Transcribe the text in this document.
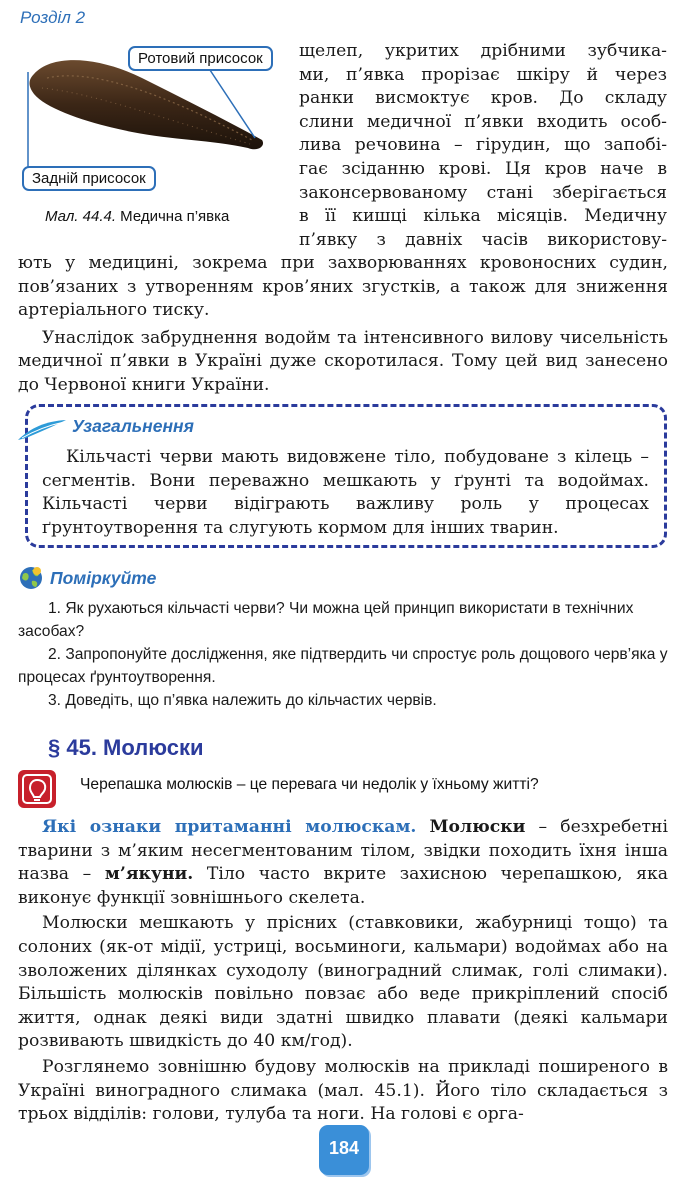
Розділ 2
Ротовий присосок
Задній присосок
Мал. 44.4. Медична п’явка
щелеп, укритих дрібними зубчика-
ми, п’явка прорізає шкіру й через
ранки висмоктує кров. До складу
слини медичної п’явки входить особ-
лива речовина – гірудин, що запобі-
гає зсіданню крові. Ця кров наче в
законсервованому стані зберігається
в її кишці кілька місяців. Медичну
п’явку з давніх часів використову-

ють у медицині, зокрема при захворюваннях кровоносних судин, пов’язаних з утворенням кров’яних згустків, а також для зниження артеріального тиску.

Унаслідок забруднення водойм та інтенсивного вилову чисельність медичної п’явки в Україні дуже скоротилася. Тому цей вид занесено до Червоної книги України.

Узагальнення

Кільчасті черви мають видовжене тіло, побудоване з кілець – сегментів. Вони переважно мешкають у ґрунті та водоймах. Кільчасті черви відіграють важливу роль у процесах ґрунтоутворення та слугують кормом для інших тварин.

Поміркуйте

1. Як рухаються кільчасті черви? Чи можна цей принцип використати в технічних засобах?

2. Запропонуйте дослідження, яке підтвердить чи спростує роль дощового черв’яка у процесах ґрунтоутворення.

3. Доведіть, що п’явка належить до кільчастих червів.

§ 45. Молюски
Черепашка молюсків – це перевага чи недолік у їхньому житті?

Які ознаки притаманні молюскам. Молюски – безхребетні тварини з м’яким несегментованим тілом, звідки походить їхня інша назва – м’якуни. Тіло часто вкрите захисною черепашкою, яка виконує функції зовнішнього скелета.

Молюски мешкають у прісних (ставковики, жабурниці тощо) та солоних (як-от мідії, устриці, восьминоги, кальмари) водоймах або на зволожених ділянках суходолу (виноградний слимак, голі слимаки). Більшість молюсків повільно повзає або веде прикріплений спосіб життя, однак деякі види здатні швидко плавати (деякі кальмари розвивають швидкість до 40 км/год).

Розглянемо зовнішню будову молюсків на прикладі поширеного в Україні виноградного слимака (мал. 45.1). Його тіло складається з трьох відділів: голови, тулуба та ноги. На голові є орга-

184
